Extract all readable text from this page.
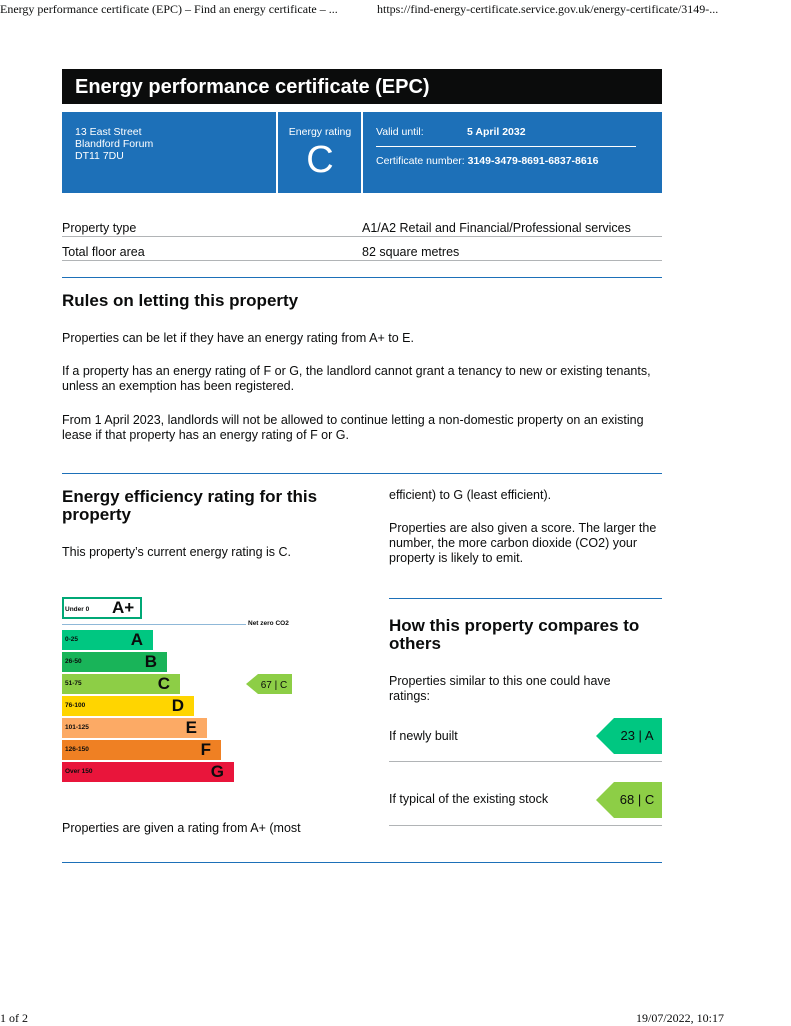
Energy performance certificate (EPC) – Find an energy certificate – ...	https://find-energy-certificate.service.gov.uk/energy-certificate/3149-...
1 of 2	19/07/2022, 10:17
Energy performance certificate (EPC)
13 East Street
Blandford Forum
DT11 7DU
Energy rating
C
Valid until:	5 April 2032
Certificate number: 3149-3479-8691-6837-8616
Property type	A1/A2 Retail and Financial/Professional services
Total floor area	82 square metres
Rules on letting this property

Properties can be let if they have an energy rating from A+ to E.

If a property has an energy rating of F or G, the landlord cannot grant a tenancy to new or existing tenants, unless an exemption has been registered.

From 1 April 2023, landlords will not be allowed to continue letting a non-domestic property on an existing lease if that property has an energy rating of F or G.

Energy efficiency rating for this property

This property’s current energy rating is C.

Under 0 A+
Net zero CO2
0-25	A
26-50	B
51-75	C
76-100	D
101-125	E
126-150	F
Over 150	G
67 | C

Properties are given a rating from A+ (most

efficient) to G (least efficient).

Properties are also given a score. The larger the number, the more carbon dioxide (CO2) your property is likely to emit.

How this property compares to others

Properties similar to this one could have ratings:

If newly built	23 | A
If typical of the existing stock	68 | C
